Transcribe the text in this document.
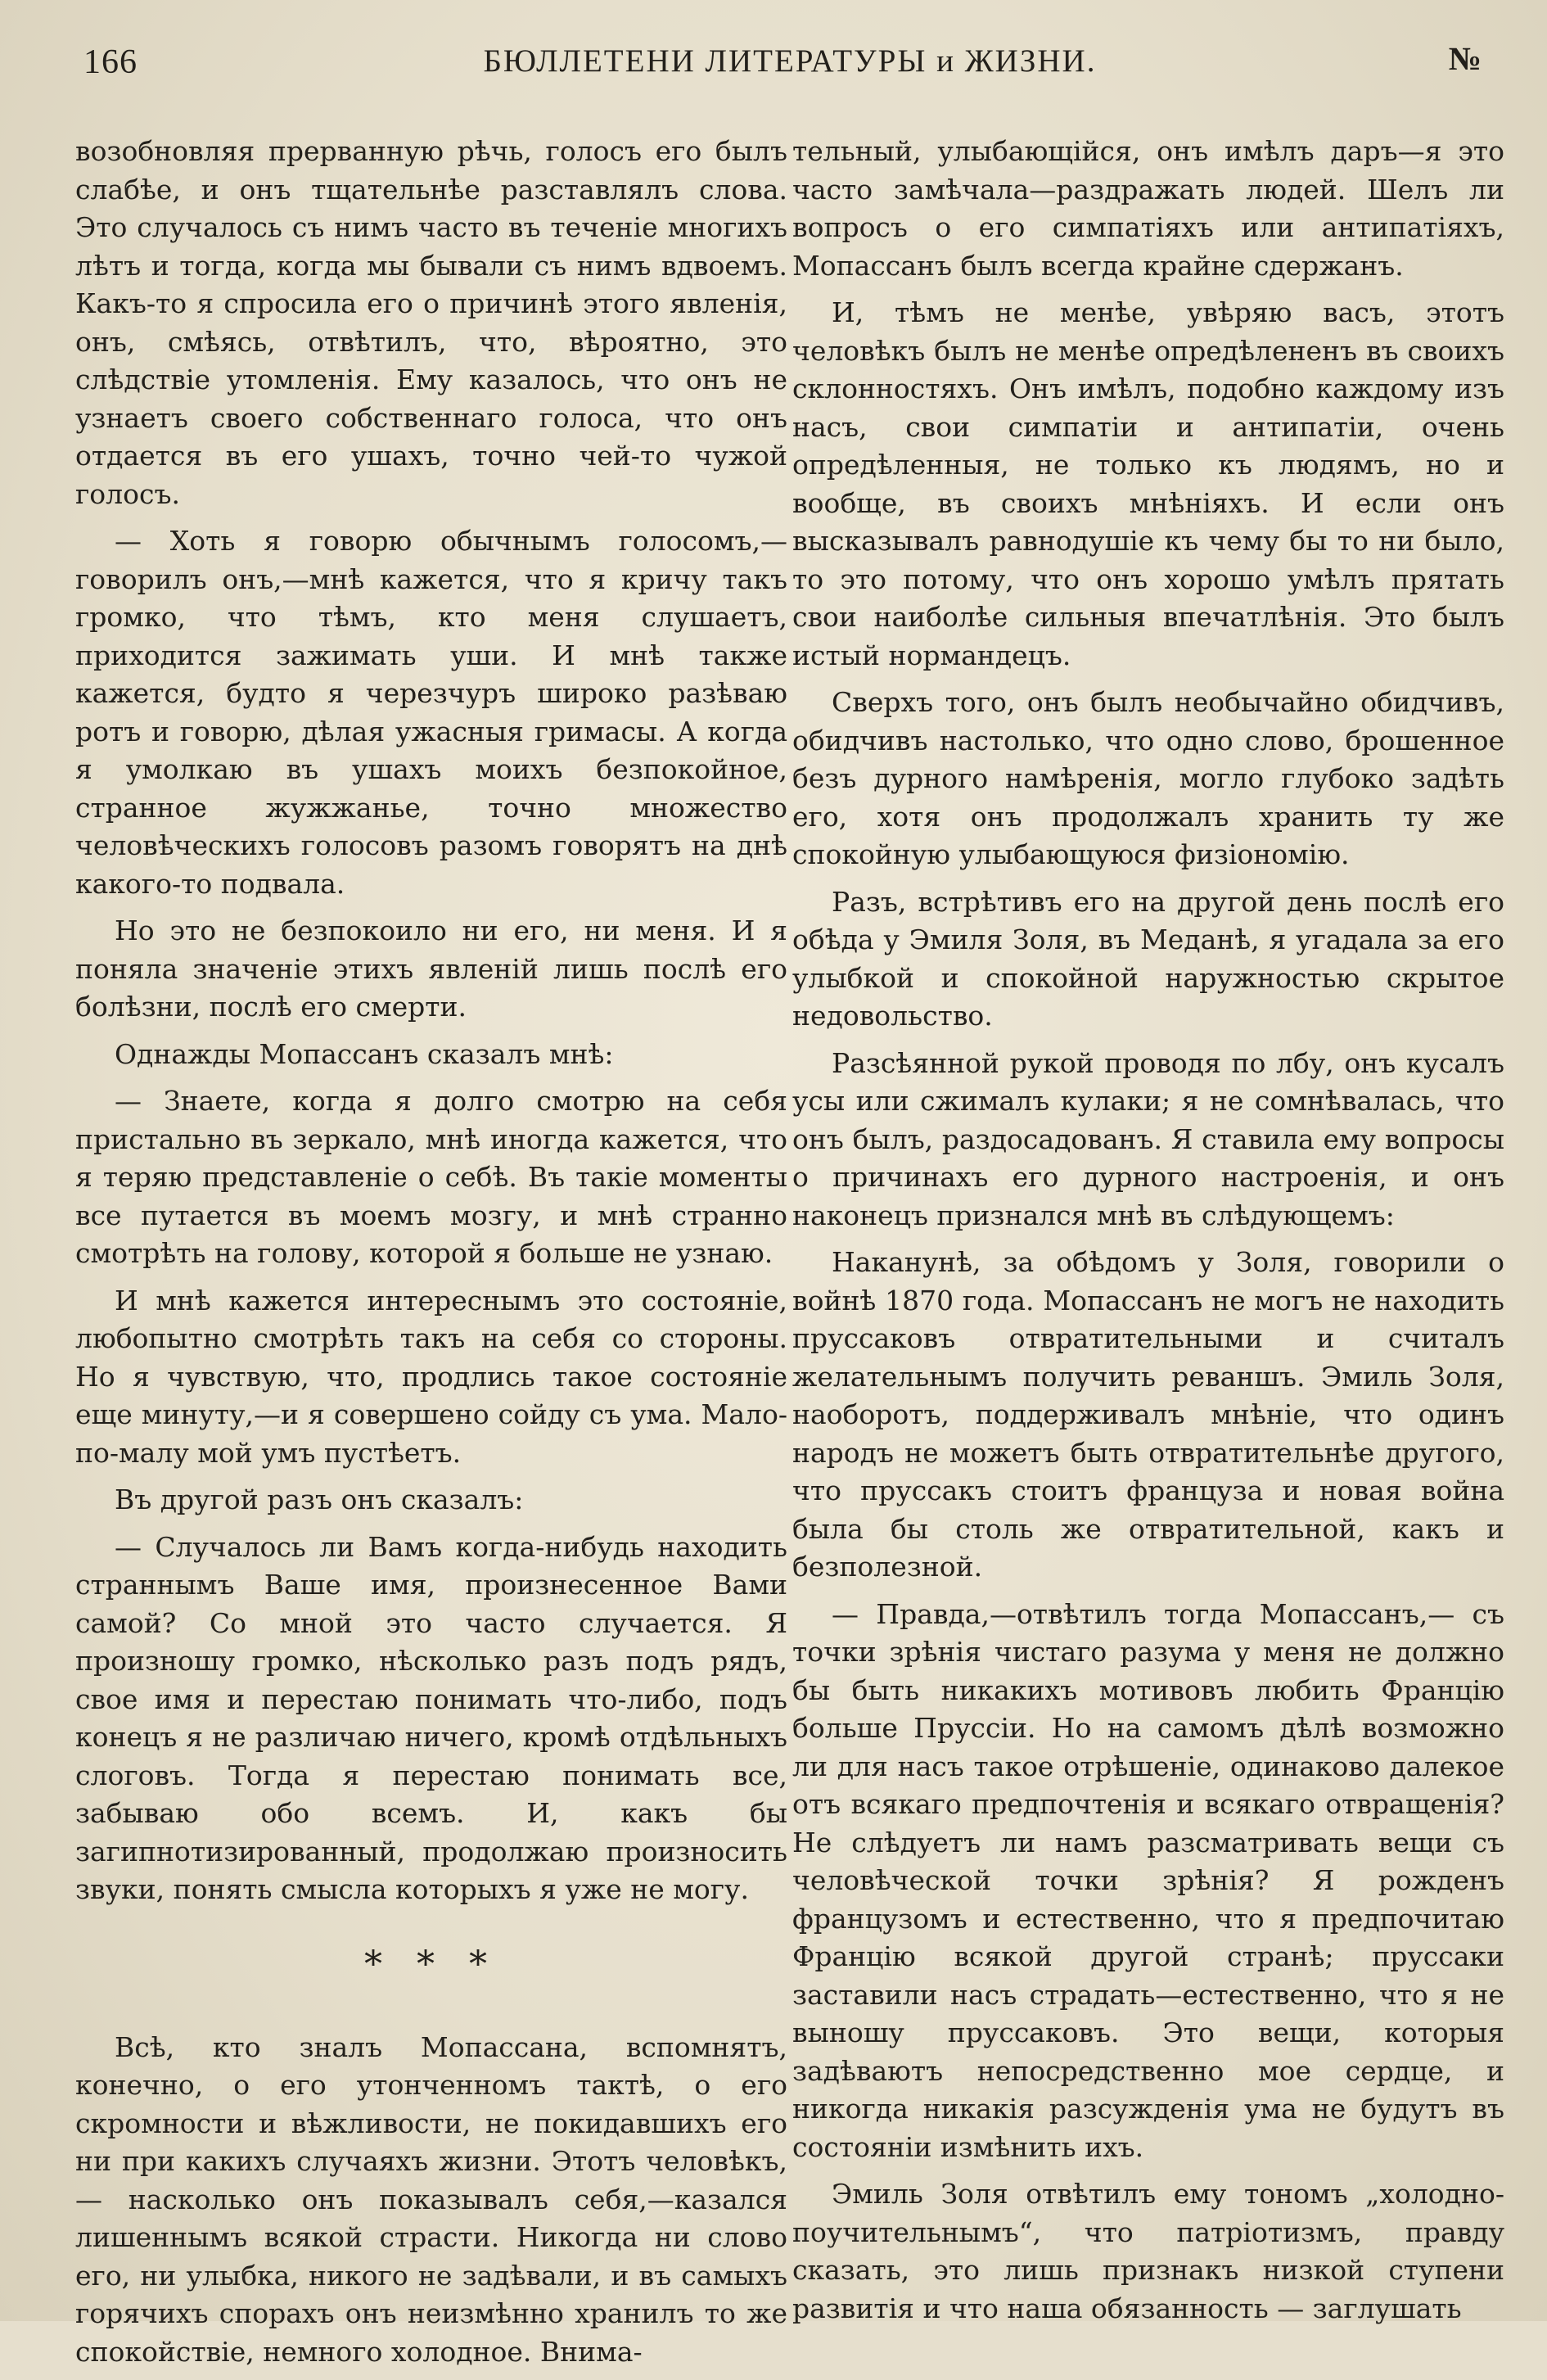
166	БЮЛЛЕТЕНИ ЛИТЕРАТУРЫ и ЖИЗНИ.	№

возобновляя прерванную рѣчь, голосъ его былъ слабѣе, и онъ тщательнѣе разставлялъ слова. Это случалось съ нимъ часто въ теченіе многихъ лѣтъ и тогда, когда мы бывали съ нимъ вдвоемъ. Какъ-то я спросила его о причинѣ этого явленія, онъ, смѣясь, отвѣтилъ, что, вѣроятно, это слѣдствіе утомленія. Ему казалось, что онъ не узнаетъ своего собственнаго голоса, что онъ отдается въ его ушахъ, точно чей-то чужой голосъ.

— Хоть я говорю обычнымъ голосомъ,— говорилъ онъ,—мнѣ кажется, что я кричу такъ громко, что тѣмъ, кто меня слушаетъ, приходится зажимать уши. И мнѣ также кажется, будто я черезчуръ широко разѣваю ротъ и говорю, дѣлая ужасныя гримасы. А когда я умолкаю въ ушахъ моихъ безпокойное, странное жужжанье, точно множество человѣческихъ голосовъ разомъ говорятъ на днѣ какого-то подвала.

Но это не безпокоило ни его, ни меня. И я поняла значеніе этихъ явленій лишь послѣ его болѣзни, послѣ его смерти.

Однажды Мопассанъ сказалъ мнѣ:

— Знаете, когда я долго смотрю на себя пристально въ зеркало, мнѣ иногда кажется, что я теряю представленіе о себѣ. Въ такіе моменты все путается въ моемъ мозгу, и мнѣ странно смотрѣть на голову, которой я больше не узнаю.

И мнѣ кажется интереснымъ это состояніе, любопытно смотрѣть такъ на себя со стороны. Но я чувствую, что, продлись такое состояніе еще минуту,—и я совершено сойду съ ума. Мало-по-малу мой умъ пустѣетъ.

Въ другой разъ онъ сказалъ:

— Случалось ли Вамъ когда-нибудь находить страннымъ Ваше имя, произнесенное Вами самой? Со мной это часто случается. Я произношу громко, нѣсколько разъ подъ рядъ, свое имя и перестаю понимать что-либо, подъ конецъ я не различаю ничего, кромѣ отдѣльныхъ слоговъ. Тогда я перестаю понимать все, забываю обо всемъ. И, какъ бы загипнотизированный, продолжаю произносить звуки, понять смысла которыхъ я уже не могу.

* * *

Всѣ, кто зналъ Мопассана, вспомнятъ, конечно, о его утонченномъ тактѣ, о его скромности и вѣжливости, не покидавшихъ его ни при какихъ случаяхъ жизни. Этотъ человѣкъ,— насколько онъ показывалъ себя,—казался лишеннымъ всякой страсти. Никогда ни слово его, ни улыбка, никого не задѣвали, и въ самыхъ горячихъ спорахъ онъ неизмѣнно хранилъ то же спокойствіе, немного холодное. Внима-

тельный, улыбающійся, онъ имѣлъ даръ—я это часто замѣчала—раздражать людей. Шелъ ли вопросъ о его симпатіяхъ или антипатіяхъ, Мопассанъ былъ всегда крайне сдержанъ.

И, тѣмъ не менѣе, увѣряю васъ, этотъ человѣкъ былъ не менѣе опредѣлененъ въ своихъ склонностяхъ. Онъ имѣлъ, подобно каждому изъ насъ, свои симпатіи и антипатіи, очень опредѣленныя, не только къ людямъ, но и вообще, въ своихъ мнѣніяхъ. И если онъ высказывалъ равнодушіе къ чему бы то ни было, то это потому, что онъ хорошо умѣлъ прятать свои наиболѣе сильныя впечатлѣнія. Это былъ истый нормандецъ.

Сверхъ того, онъ былъ необычайно обидчивъ, обидчивъ настолько, что одно слово, брошенное безъ дурного намѣренія, могло глубоко задѣть его, хотя онъ продолжалъ хранить ту же спокойную улыбающуюся физіономію.

Разъ, встрѣтивъ его на другой день послѣ его обѣда у Эмиля Золя, въ Меданѣ, я угадала за его улыбкой и спокойной наружностью скрытое недовольство.

Разсѣянной рукой проводя по лбу, онъ кусалъ усы или сжималъ кулаки; я не сомнѣвалась, что онъ былъ, раздосадованъ. Я ставила ему вопросы о причинахъ его дурного настроенія, и онъ наконецъ признался мнѣ въ слѣдующемъ:

Наканунѣ, за обѣдомъ у Золя, говорили о войнѣ 1870 года. Мопассанъ не могъ не находить пруссаковъ отвратительными и считалъ желательнымъ получить реваншъ. Эмиль Золя, наоборотъ, поддерживалъ мнѣніе, что одинъ народъ не можетъ быть отвратительнѣе другого, что пруссакъ стоитъ француза и новая война была бы столь же отвратительной, какъ и безполезной.

— Правда,—отвѣтилъ тогда Мопассанъ,— съ точки зрѣнія чистаго разума у меня не должно бы быть никакихъ мотивовъ любить Францію больше Пруссіи. Но на самомъ дѣлѣ возможно ли для насъ такое отрѣшеніе, одинаково далекое отъ всякаго предпочтенія и всякаго отвращенія? Не слѣдуетъ ли намъ разсматривать вещи съ человѣческой точки зрѣнія? Я рожденъ французомъ и естественно, что я предпочитаю Францію всякой другой странѣ; пруссаки заставили насъ страдать—естественно, что я не выношу пруссаковъ. Это вещи, которыя задѣваютъ непосредственно мое сердце, и никогда никакія разсужденія ума не будутъ въ состояніи измѣнить ихъ.

Эмиль Золя отвѣтилъ ему тономъ „холодно-поучительнымъ“, что патріотизмъ, правду сказать, это лишь признакъ низкой ступени развитія и что наша обязанность — заглушать
